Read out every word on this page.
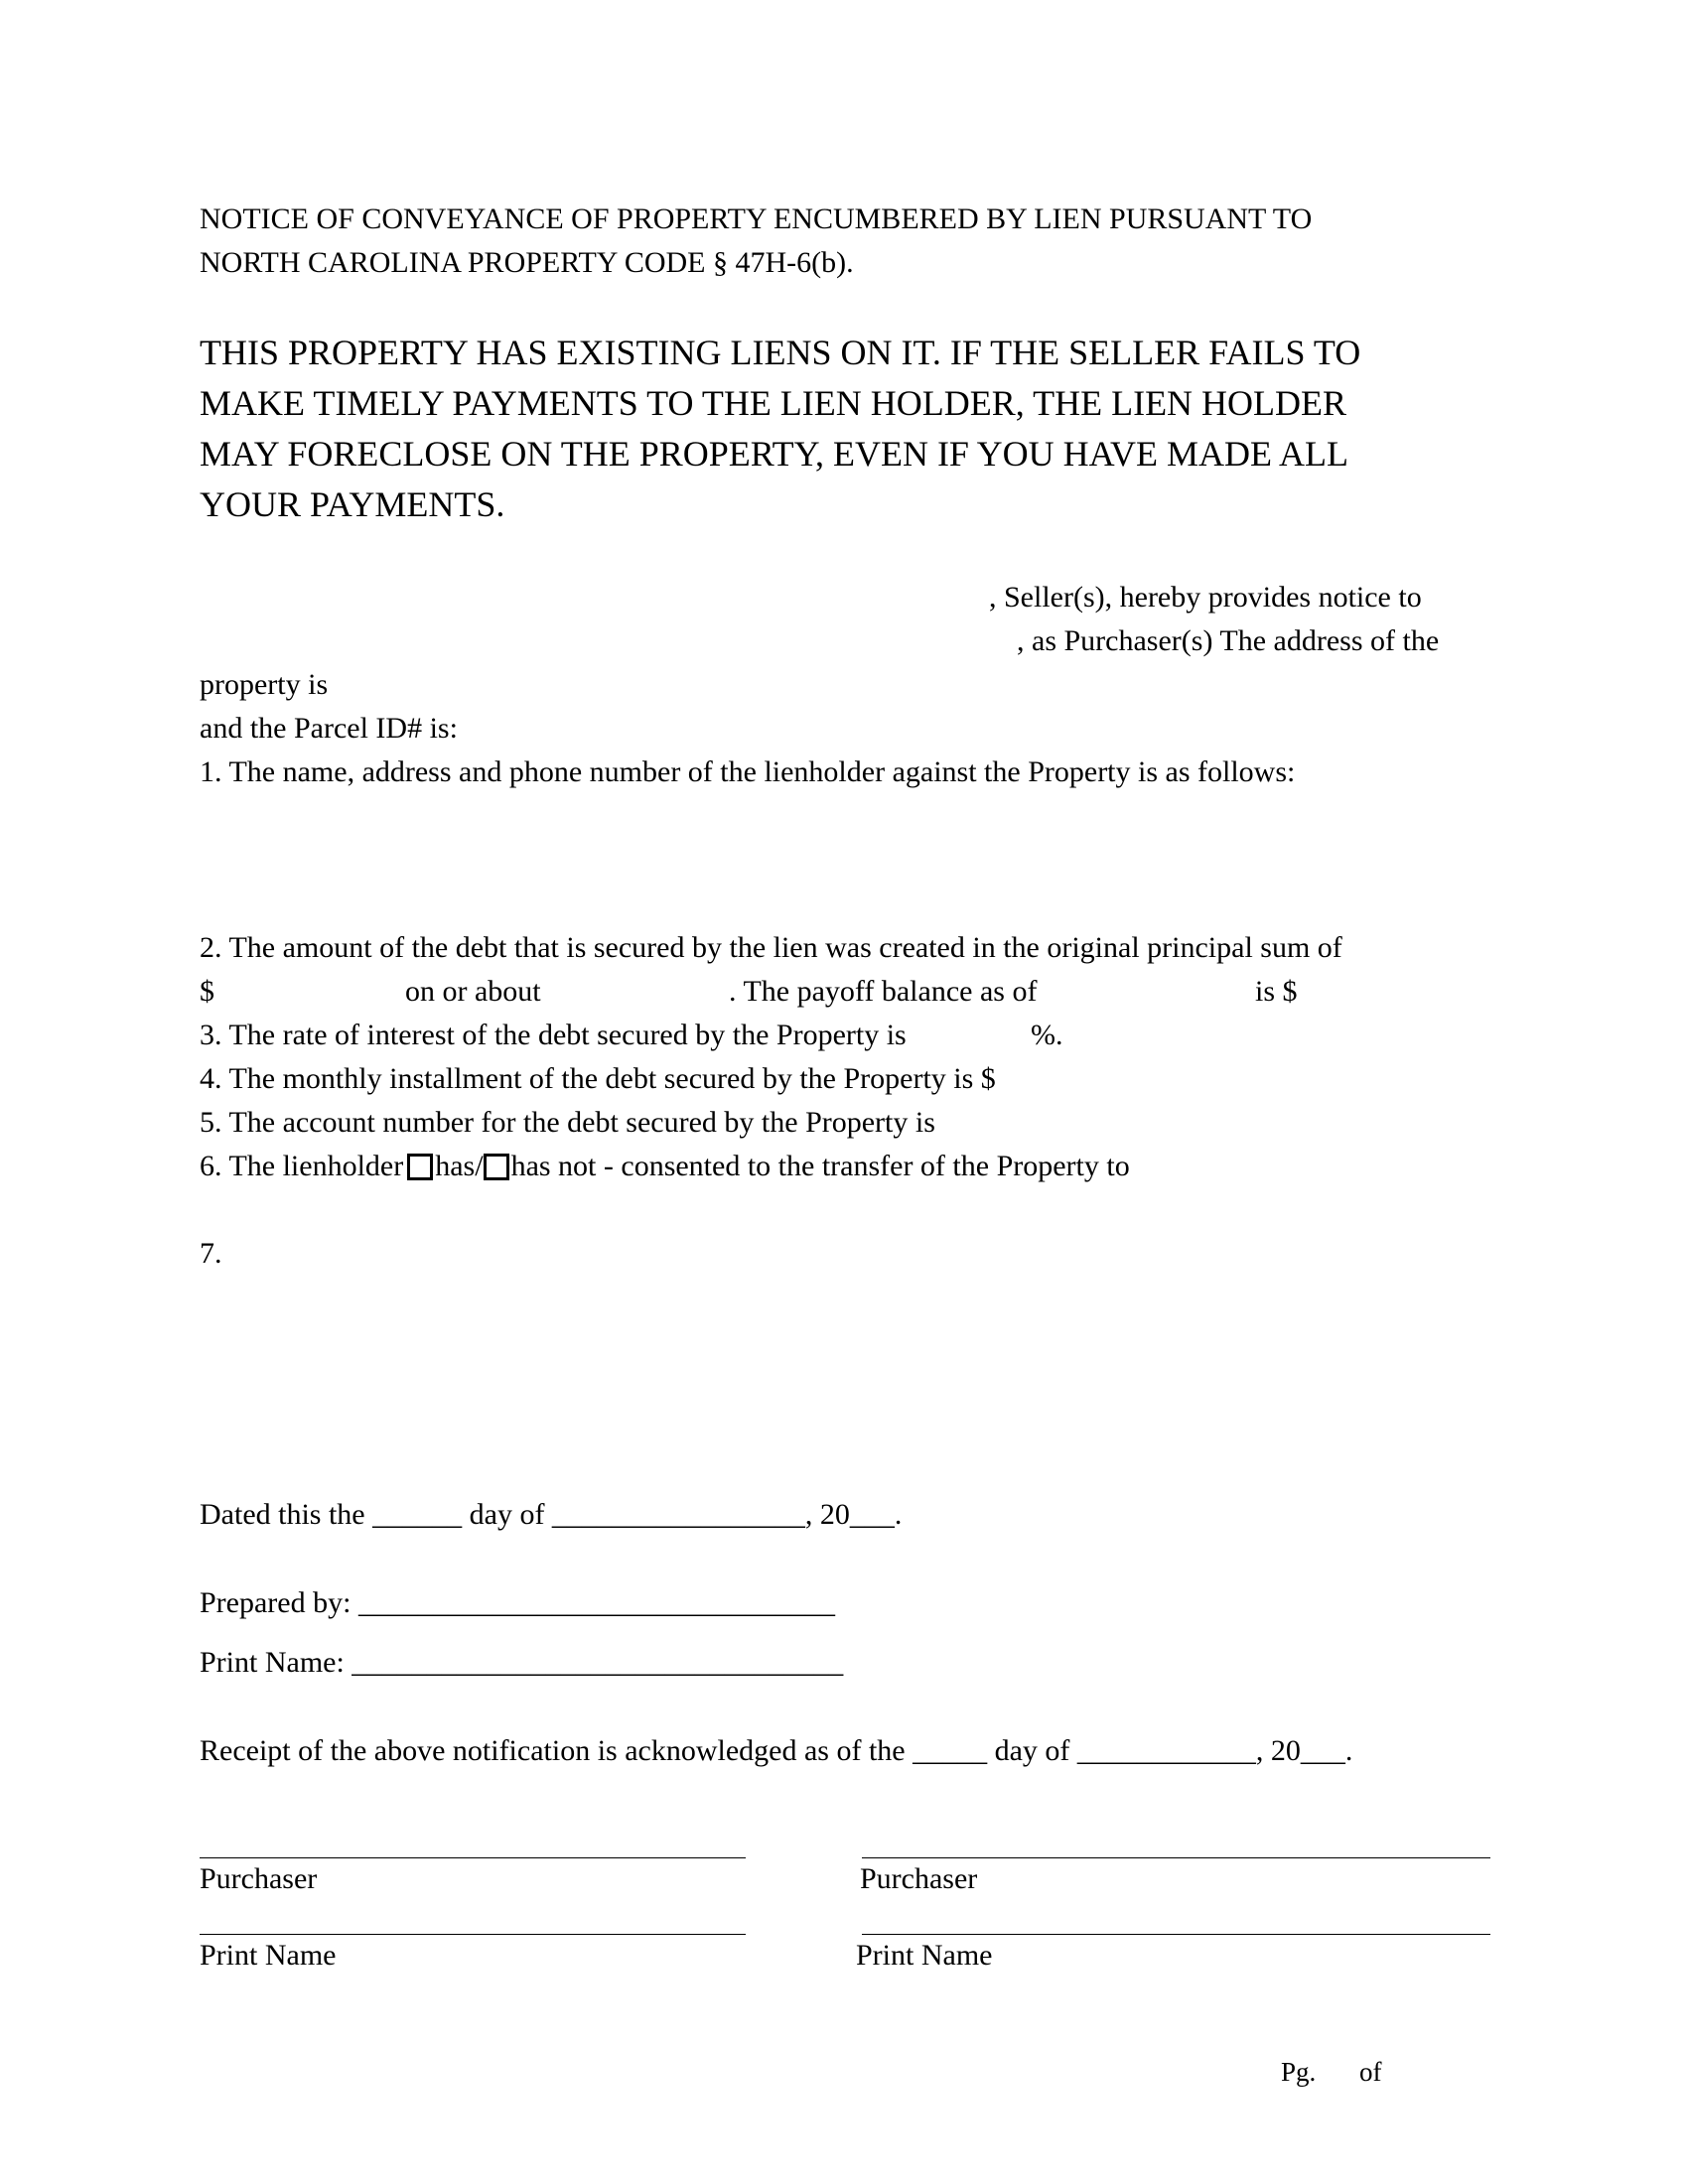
NOTICE OF CONVEYANCE OF PROPERTY ENCUMBERED BY LIEN PURSUANT TO
NORTH CAROLINA PROPERTY CODE § 47H-6(b).
THIS PROPERTY HAS EXISTING LIENS ON IT. IF THE SELLER FAILS TO
MAKE TIMELY PAYMENTS TO THE LIEN HOLDER, THE LIEN HOLDER
MAY FORECLOSE ON THE PROPERTY, EVEN IF YOU HAVE MADE ALL
YOUR PAYMENTS.
, Seller(s), hereby provides notice to
, as Purchaser(s) The address of the
property is
and the Parcel ID# is:
1. The name, address and phone number of the lienholder against the Property is as follows:
2. The amount of the debt that is secured by the lien was created in the original principal sum of
$	on or about	. The payoff balance as of	is $
3. The rate of interest of the debt secured by the Property is	%.
4. The monthly installment of the debt secured by the Property is $
5. The account number for the debt secured by the Property is
6. The lienholder has/ has not - consented to the transfer of the Property to
7.
Dated this the ______ day of _________________, 20___.
Prepared by: ________________________________
Print Name: _________________________________
Receipt of the above notification is acknowledged as of the _____ day of ____________, 20___.
Purchaser	Purchaser
Print Name	Print Name
Pg. of
